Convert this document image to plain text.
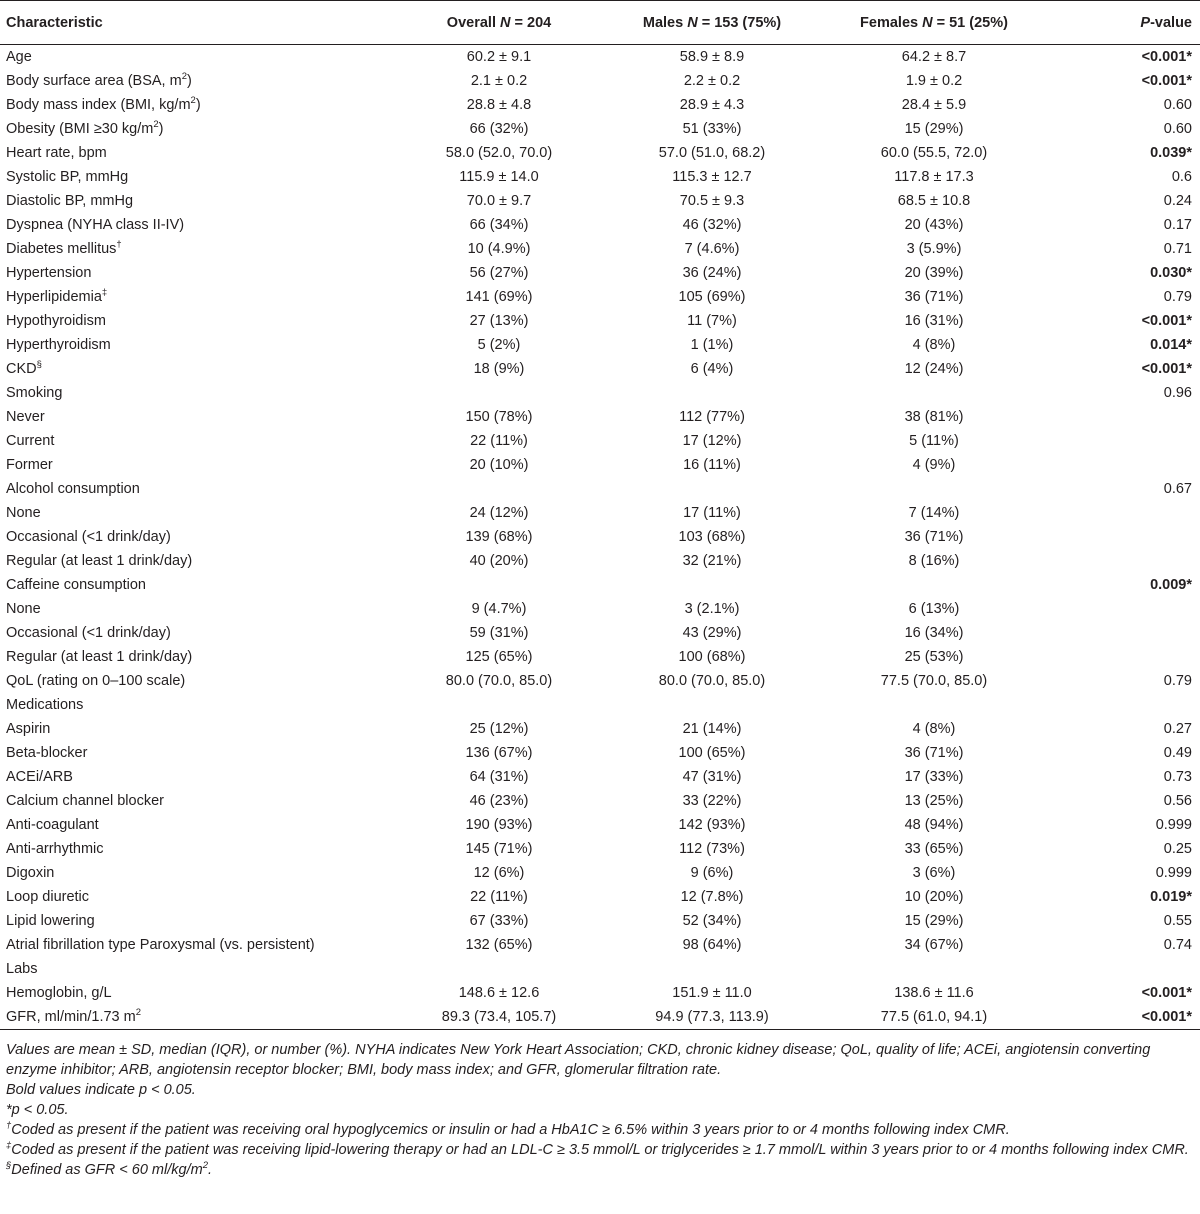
Characteristic	Overall N = 204	Males N = 153 (75%)	Females N = 51 (25%)	P-value
Age	60.2 ± 9.1	58.9 ± 8.9	64.2 ± 8.7	<0.001*
Body surface area (BSA, $m^2$)	2.1 ± 0.2	2.2 ± 0.2	1.9 ± 0.2	<0.001*
Body mass index (BMI, $kg/m^2$)	28.8 ± 4.8	28.9 ± 4.3	28.4 ± 5.9	0.60
Obesity (BMI ≥30 $kg/m^2$)	66 (32%)	51 (33%)	15 (29%)	0.60
Heart rate, bpm	58.0 (52.0, 70.0)	57.0 (51.0, 68.2)	60.0 (55.5, 72.0)	0.039*
Systolic BP, mmHg	115.9 ± 14.0	115.3 ± 12.7	117.8 ± 17.3	0.6
Diastolic BP, mmHg	70.0 ± 9.7	70.5 ± 9.3	68.5 ± 10.8	0.24
Dyspnea (NYHA class II-IV)	66 (34%)	46 (32%)	20 (43%)	0.17
Diabetes mellitus†	10 (4.9%)	7 (4.6%)	3 (5.9%)	0.71
Hypertension	56 (27%)	36 (24%)	20 (39%)	0.030*
Hyperlipidemia‡	141 (69%)	105 (69%)	36 (71%)	0.79
Hypothyroidism	27 (13%)	11 (7%)	16 (31%)	<0.001*
Hyperthyroidism	5 (2%)	1 (1%)	4 (8%)	0.014*
CKD§	18 (9%)	6 (4%)	12 (24%)	<0.001*
Smoking				0.96
Never	150 (78%)	112 (77%)	38 (81%)	
Current	22 (11%)	17 (12%)	5 (11%)	
Former	20 (10%)	16 (11%)	4 (9%)	
Alcohol consumption				0.67
None	24 (12%)	17 (11%)	7 (14%)	
Occasional (<1 drink/day)	139 (68%)	103 (68%)	36 (71%)	
Regular (at least 1 drink/day)	40 (20%)	32 (21%)	8 (16%)	
Caffeine consumption				0.009*
None	9 (4.7%)	3 (2.1%)	6 (13%)	
Occasional (<1 drink/day)	59 (31%)	43 (29%)	16 (34%)	
Regular (at least 1 drink/day)	125 (65%)	100 (68%)	25 (53%)	
QoL (rating on 0–100 scale)	80.0 (70.0, 85.0)	80.0 (70.0, 85.0)	77.5 (70.0, 85.0)	0.79
Medications				
Aspirin	25 (12%)	21 (14%)	4 (8%)	0.27
Beta-blocker	136 (67%)	100 (65%)	36 (71%)	0.49
ACEi/ARB	64 (31%)	47 (31%)	17 (33%)	0.73
Calcium channel blocker	46 (23%)	33 (22%)	13 (25%)	0.56
Anti-coagulant	190 (93%)	142 (93%)	48 (94%)	0.999
Anti-arrhythmic	145 (71%)	112 (73%)	33 (65%)	0.25
Digoxin	12 (6%)	9 (6%)	3 (6%)	0.999
Loop diuretic	22 (11%)	12 (7.8%)	10 (20%)	0.019*
Lipid lowering	67 (33%)	52 (34%)	15 (29%)	0.55
Atrial fibrillation type Paroxysmal (vs. persistent)	132 (65%)	98 (64%)	34 (67%)	0.74
Labs				
Hemoglobin, g/L	148.6 ± 12.6	151.9 ± 11.0	138.6 ± 11.6	<0.001*
GFR, ml/min/1.73 $m^2$	89.3 (73.4, 105.7)	94.9 (77.3, 113.9)	77.5 (61.0, 94.1)	<0.001*

Values are mean ± SD, median (IQR), or number (%). NYHA indicates New York Heart Association; CKD, chronic kidney disease; QoL, quality of life; ACEi, angiotensin converting enzyme inhibitor; ARB, angiotensin receptor blocker; BMI, body mass index; and GFR, glomerular filtration rate.

Bold values indicate p < 0.05.

*p < 0.05.

†Coded as present if the patient was receiving oral hypoglycemics or insulin or had a HbA1C ≥ 6.5% within 3 years prior to or 4 months following index CMR.

‡Coded as present if the patient was receiving lipid-lowering therapy or had an LDL-C ≥ 3.5 mmol/L or triglycerides ≥ 1.7 mmol/L within 3 years prior to or 4 months following index CMR.

§Defined as GFR < 60 $ml/kg/m^2$.
